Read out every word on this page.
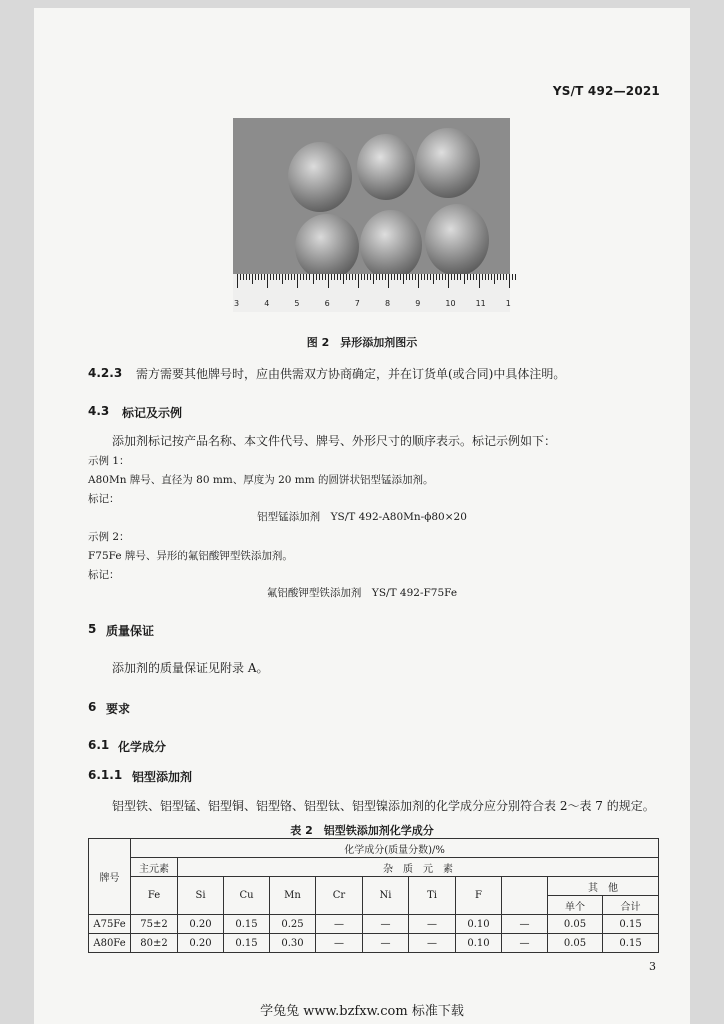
YS/T 492—2021
3	4	5	6	7	8	9	10	11	1
图 2　异形添加剂图示
4.2.3 需方需要其他牌号时，应由供需双方协商确定，并在订货单(或合同)中具体注明。
4.3 标记及示例
添加剂标记按产品名称、本文件代号、牌号、外形尺寸的顺序表示。标记示例如下：
示例 1：
A80Mn 牌号、直径为 80 mm、厚度为 20 mm 的圆饼状铝型锰添加剂。
标记：
铝型锰添加剂　YS/T 492-A80Mn-ϕ80×20
示例 2：
F75Fe 牌号、异形的氟铝酸钾型铁添加剂。
标记：
氟铝酸钾型铁添加剂　YS/T 492-F75Fe
5 质量保证
添加剂的质量保证见附录 A。
6 要求
6.1 化学成分
6.1.1 铝型添加剂
铝型铁、铝型锰、铝型铜、铝型铬、铝型钛、铝型镍添加剂的化学成分应分别符合表 2～表 7 的规定。
表 2　铝型铁添加剂化学成分
牌号	化学成分(质量分数)/%										
	主元素	杂　质　元　素									
	Fe	Si	Cu	Mn	Cr	Ni	Ti	F		其　他	
										单个	合计
A75Fe	75±2	0.20	0.15	0.25	—	—	—	0.10	—	0.05	0.15
A80Fe	80±2	0.20	0.15	0.30	—	—	—	0.10	—	0.05	0.15
3
学兔兔 www.bzfxw.com 标准下载
